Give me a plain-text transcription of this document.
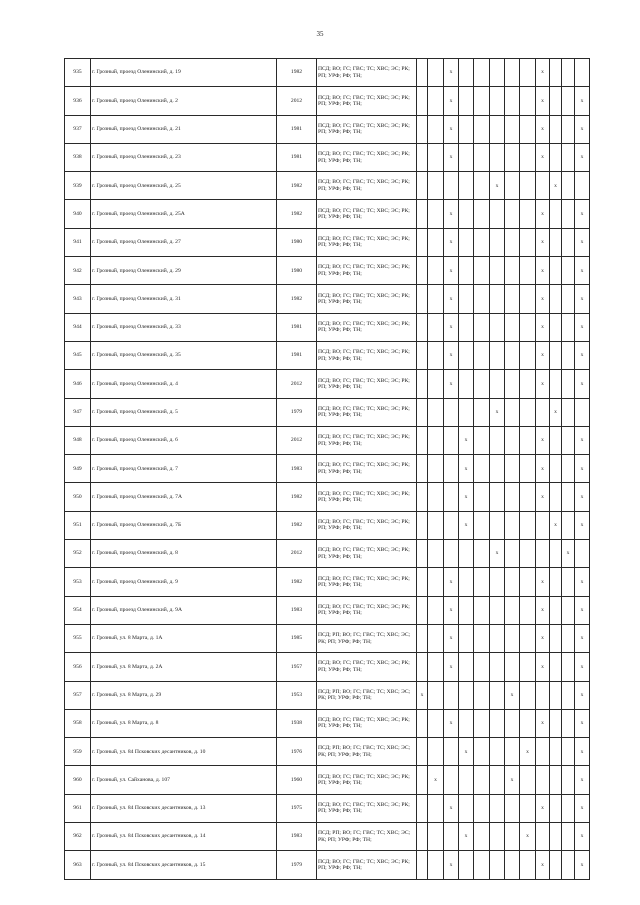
35
935	г. Грозный, проезд Оленинский, д. 19	1982	ПСД; ВО; ГС; ГВС; ТС; ХВС; ЭС; РК; РП; УРФ; РФ; ТН;			x						x			
936	г. Грозный, проезд Оленинский, д. 2	2012	ПСД; ВО; ГС; ГВС; ТС; ХВС; ЭС; РК; РП; УРФ; РФ; ТН;			x						x			x
937	г. Грозный, проезд Оленинский, д. 21	1981	ПСД; ВО; ГС; ГВС; ТС; ХВС; ЭС; РК; РП; УРФ; РФ; ТН;			x						x			x
938	г. Грозный, проезд Оленинский, д. 23	1981	ПСД; ВО; ГС; ГВС; ТС; ХВС; ЭС; РК; РП; УРФ; РФ; ТН;			x						x			x
939	г. Грозный, проезд Оленинский, д. 25	1982	ПСД; ВО; ГС; ГВС; ТС; ХВС; ЭС; РК; РП; УРФ; РФ; ТН;						x				x		
940	г. Грозный, проезд Оленинский, д. 25А	1982	ПСД; ВО; ГС; ГВС; ТС; ХВС; ЭС; РК; РП; УРФ; РФ; ТН;			x						x			x
941	г. Грозный, проезд Оленинский, д. 27	1980	ПСД; ВО; ГС; ГВС; ТС; ХВС; ЭС; РК; РП; УРФ; РФ; ТН;			x						x			x
942	г. Грозный, проезд Оленинский, д. 29	1980	ПСД; ВО; ГС; ГВС; ТС; ХВС; ЭС; РК; РП; УРФ; РФ; ТН;			x						x			x
943	г. Грозный, проезд Оленинский, д. 31	1982	ПСД; ВО; ГС; ГВС; ТС; ХВС; ЭС; РК; РП; УРФ; РФ; ТН;			x						x			x
944	г. Грозный, проезд Оленинский, д. 33	1981	ПСД; ВО; ГС; ГВС; ТС; ХВС; ЭС; РК; РП; УРФ; РФ; ТН;			x						x			x
945	г. Грозный, проезд Оленинский, д. 35	1981	ПСД; ВО; ГС; ГВС; ТС; ХВС; ЭС; РК; РП; УРФ; РФ; ТН;			x						x			x
946	г. Грозный, проезд Оленинский, д. 4	2012	ПСД; ВО; ГС; ГВС; ТС; ХВС; ЭС; РК; РП; УРФ; РФ; ТН;			x						x			x
947	г. Грозный, проезд Оленинский, д. 5	1979	ПСД; ВО; ГС; ГВС; ТС; ХВС; ЭС; РК; РП; УРФ; РФ; ТН;						x				x		
948	г. Грозный, проезд Оленинский, д. 6	2012	ПСД; ВО; ГС; ГВС; ТС; ХВС; ЭС; РК; РП; УРФ; РФ; ТН;				x					x			x
949	г. Грозный, проезд Оленинский, д. 7	1983	ПСД; ВО; ГС; ГВС; ТС; ХВС; ЭС; РК; РП; УРФ; РФ; ТН;				x					x			x
950	г. Грозный, проезд Оленинский, д. 7А	1982	ПСД; ВО; ГС; ГВС; ТС; ХВС; ЭС; РК; РП; УРФ; РФ; ТН;				x					x			x
951	г. Грозный, проезд Оленинский, д. 7Б	1982	ПСД; ВО; ГС; ГВС; ТС; ХВС; ЭС; РК; РП; УРФ; РФ; ТН;				x						x		x
952	г. Грозный, проезд Оленинский, д. 8	2012	ПСД; ВО; ГС; ГВС; ТС; ХВС; ЭС; РК; РП; УРФ; РФ; ТН;						x					x	
953	г. Грозный, проезд Оленинский, д. 9	1982	ПСД; ВО; ГС; ГВС; ТС; ХВС; ЭС; РК; РП; УРФ; РФ; ТН;			x						x			x
954	г. Грозный, проезд Оленинский, д. 9А	1983	ПСД; ВО; ГС; ГВС; ТС; ХВС; ЭС; РК; РП; УРФ; РФ; ТН;			x						x			x
955	г. Грозный, ул. 8 Марта, д. 1А	1985	ПСД; РП; ВО; ГС; ГВС; ТС; ХВС; ЭС; РК; РП; УРФ; РФ; ТН;			x						x			x
956	г. Грозный, ул. 8 Марта, д. 2А	1957	ПСД; ВО; ГС; ГВС; ТС; ХВС; ЭС; РК; РП; УРФ; РФ; ТН;			x						x			x
957	г. Грозный, ул. 8 Марта, д. 29	1953	ПСД; РП; ВО; ГС; ГВС; ТС; ХВС; ЭС; РК; РП; УРФ; РФ; ТН;	x						x					x
958	г. Грозный, ул. 8 Марта, д. 8	1938	ПСД; ВО; ГС; ГВС; ТС; ХВС; ЭС; РК; РП; УРФ; РФ; ТН;			x						x			x
959	г. Грозный, ул. 84 Псковских десантников, д. 10	1976	ПСД; РП; ВО; ГС; ГВС; ТС; ХВС; ЭС; РК; РП; УРФ; РФ; ТН;				x				x				x
960	г. Грозный, ул. Сайханова, д. 107	1960	ПСД; ВО; ГС; ГВС; ТС; ХВС; ЭС; РК; РП; УРФ; РФ; ТН;		x					x					x
961	г. Грозный, ул. 84 Псковских десантников, д. 13	1975	ПСД; ВО; ГС; ГВС; ТС; ХВС; ЭС; РК; РП; УРФ; РФ; ТН;			x						x			x
962	г. Грозный, ул. 84 Псковских десантников, д. 14	1983	ПСД; РП; ВО; ГС; ГВС; ТС; ХВС; ЭС; РК; РП; УРФ; РФ; ТН;				x				x				x
963	г. Грозный, ул. 84 Псковских десантников, д. 15	1979	ПСД; ВО; ГС; ГВС; ТС; ХВС; ЭС; РК; РП; УРФ; РФ; ТН;			x						x			x
